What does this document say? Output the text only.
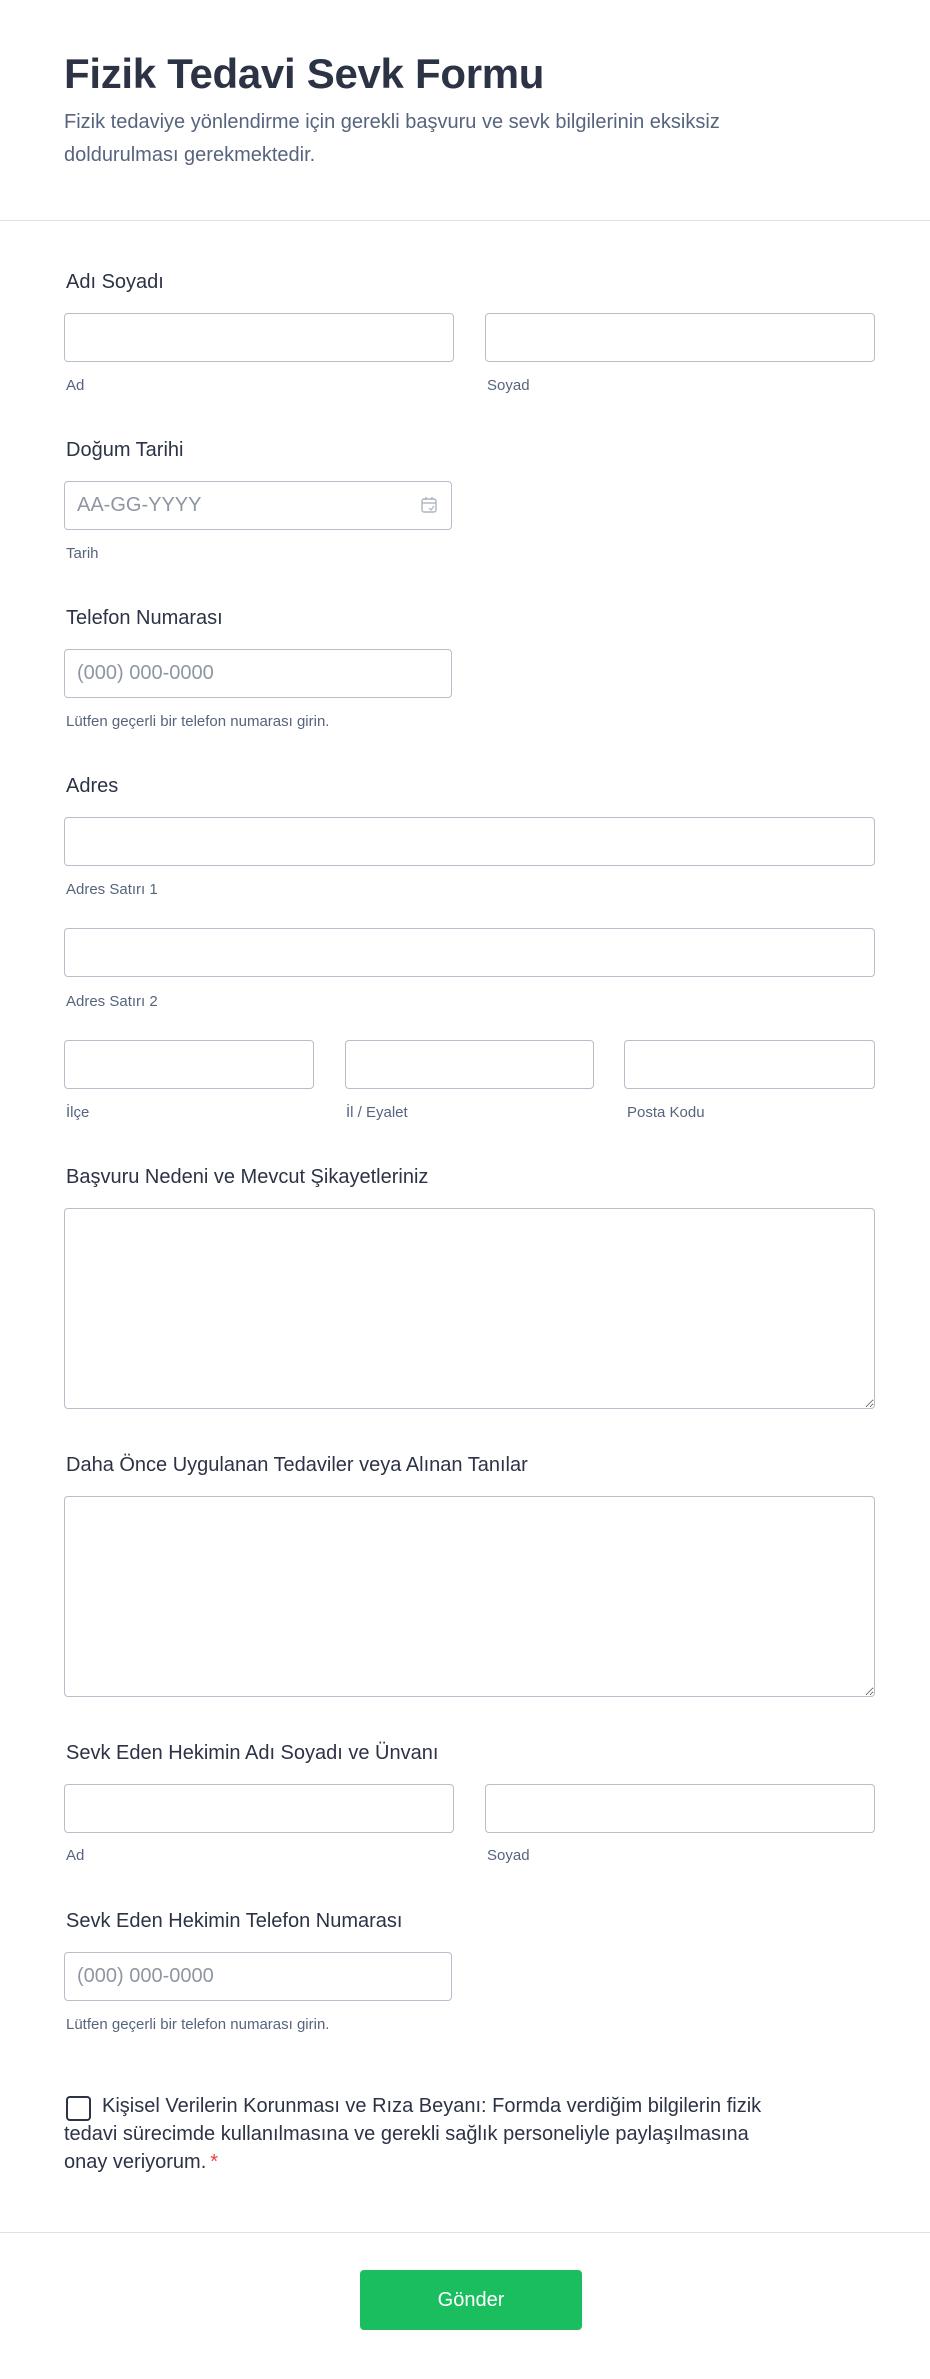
Fizik Tedavi Sevk Formu

Fizik tedaviye yönlendirme için gerekli başvuru ve sevk bilgilerinin eksiksiz doldurulması gerekmektedir.

Adı Soyadı
Ad	Soyad
Doğum Tarihi
AA-GG-YYYY
Tarih
Telefon Numarası
(000) 000-0000
Lütfen geçerli bir telefon numarası girin.
Adres
Adres Satırı 1
Adres Satırı 2
İlçe	İl / Eyalet	Posta Kodu
Başvuru Nedeni ve Mevcut Şikayetleriniz
Daha Önce Uygulanan Tedaviler veya Alınan Tanılar
Sevk Eden Hekimin Adı Soyadı ve Ünvanı
Ad	Soyad
Sevk Eden Hekimin Telefon Numarası
(000) 000-0000
Lütfen geçerli bir telefon numarası girin.

Kişisel Verilerin Korunması ve Rıza Beyanı: Formda verdiğim bilgilerin fizik tedavi sürecimde kullanılmasına ve gerekli sağlık personeliyle paylaşılmasına onay veriyorum. *

Gönder
